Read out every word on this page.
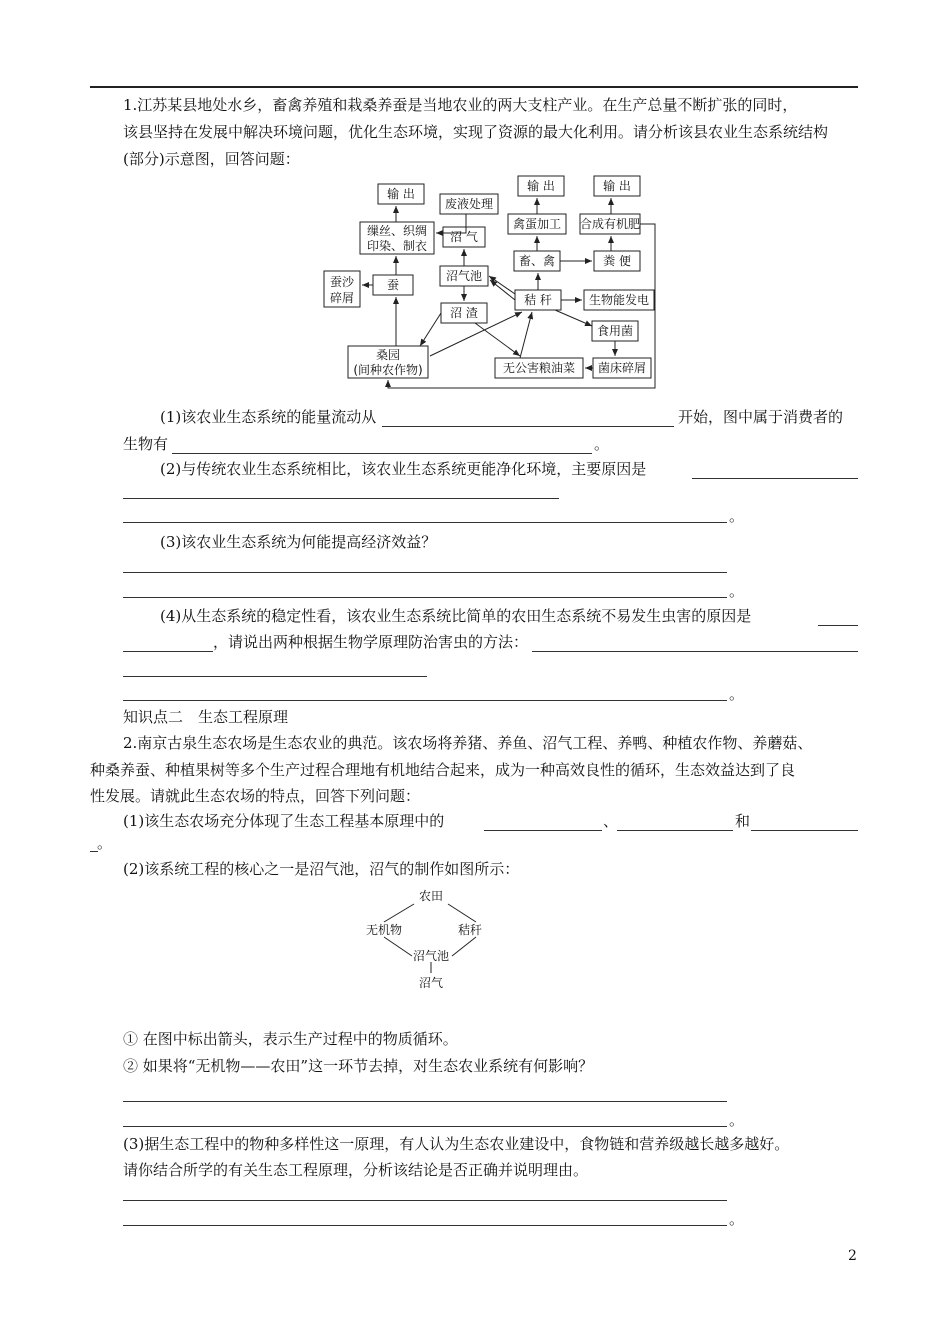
1.江苏某县地处水乡，畜禽养殖和栽桑养蚕是当地农业的两大支柱产业。在生产总量不断扩张的同时，
该县坚持在发展中解决环境问题，优化生态环境，实现了资源的最大化利用。请分析该县农业生态系统结构
(部分)示意图，回答问题：
输 出
废液处理
输 出	输 出
缫丝、织绸
印染、制衣
禽蛋加工 合成有机肥
沼 气
畜、禽	粪 便
蚕沙
碎屑
蚕
沼气池
秸 秆	生物能发电
沼 渣
食用菌
桑园
(间种农作物)	无公害粮油菜 菌床碎屑
(1)该农业生态系统的能量流动从	开始，图中属于消费者的
生物有	。
(2)与传统农业生态系统相比，该农业生态系统更能净化环境，主要原因是
。
(3)该农业生态系统为何能提高经济效益？
。
(4)从生态系统的稳定性看，该农业生态系统比简单的农田生态系统不易发生虫害的原因是
，请说出两种根据生物学原理防治害虫的方法：
。
知识点二　生态工程原理
2.南京古泉生态农场是生态农业的典范。该农场将养猪、养鱼、沼气工程、养鸭、种植农作物、养蘑菇、
种桑养蚕、种植果树等多个生产过程合理地有机地结合起来，成为一种高效良性的循环，生态效益达到了良
性发展。请就此生态农场的特点，回答下列问题：
(1)该生态农场充分体现了生态工程基本原理中的	、	和
。
(2)该系统工程的核心之一是沼气池，沼气的制作如图所示：
农田
无机物	秸秆
沼气池
沼气
① 在图中标出箭头，表示生产过程中的物质循环。
② 如果将“无机物——农田”这一环节去掉，对生态农业系统有何影响？
。
(3)据生态工程中的物种多样性这一原理，有人认为生态农业建设中，食物链和营养级越长越多越好。
请你结合所学的有关生态工程原理，分析该结论是否正确并说明理由。
。
2
